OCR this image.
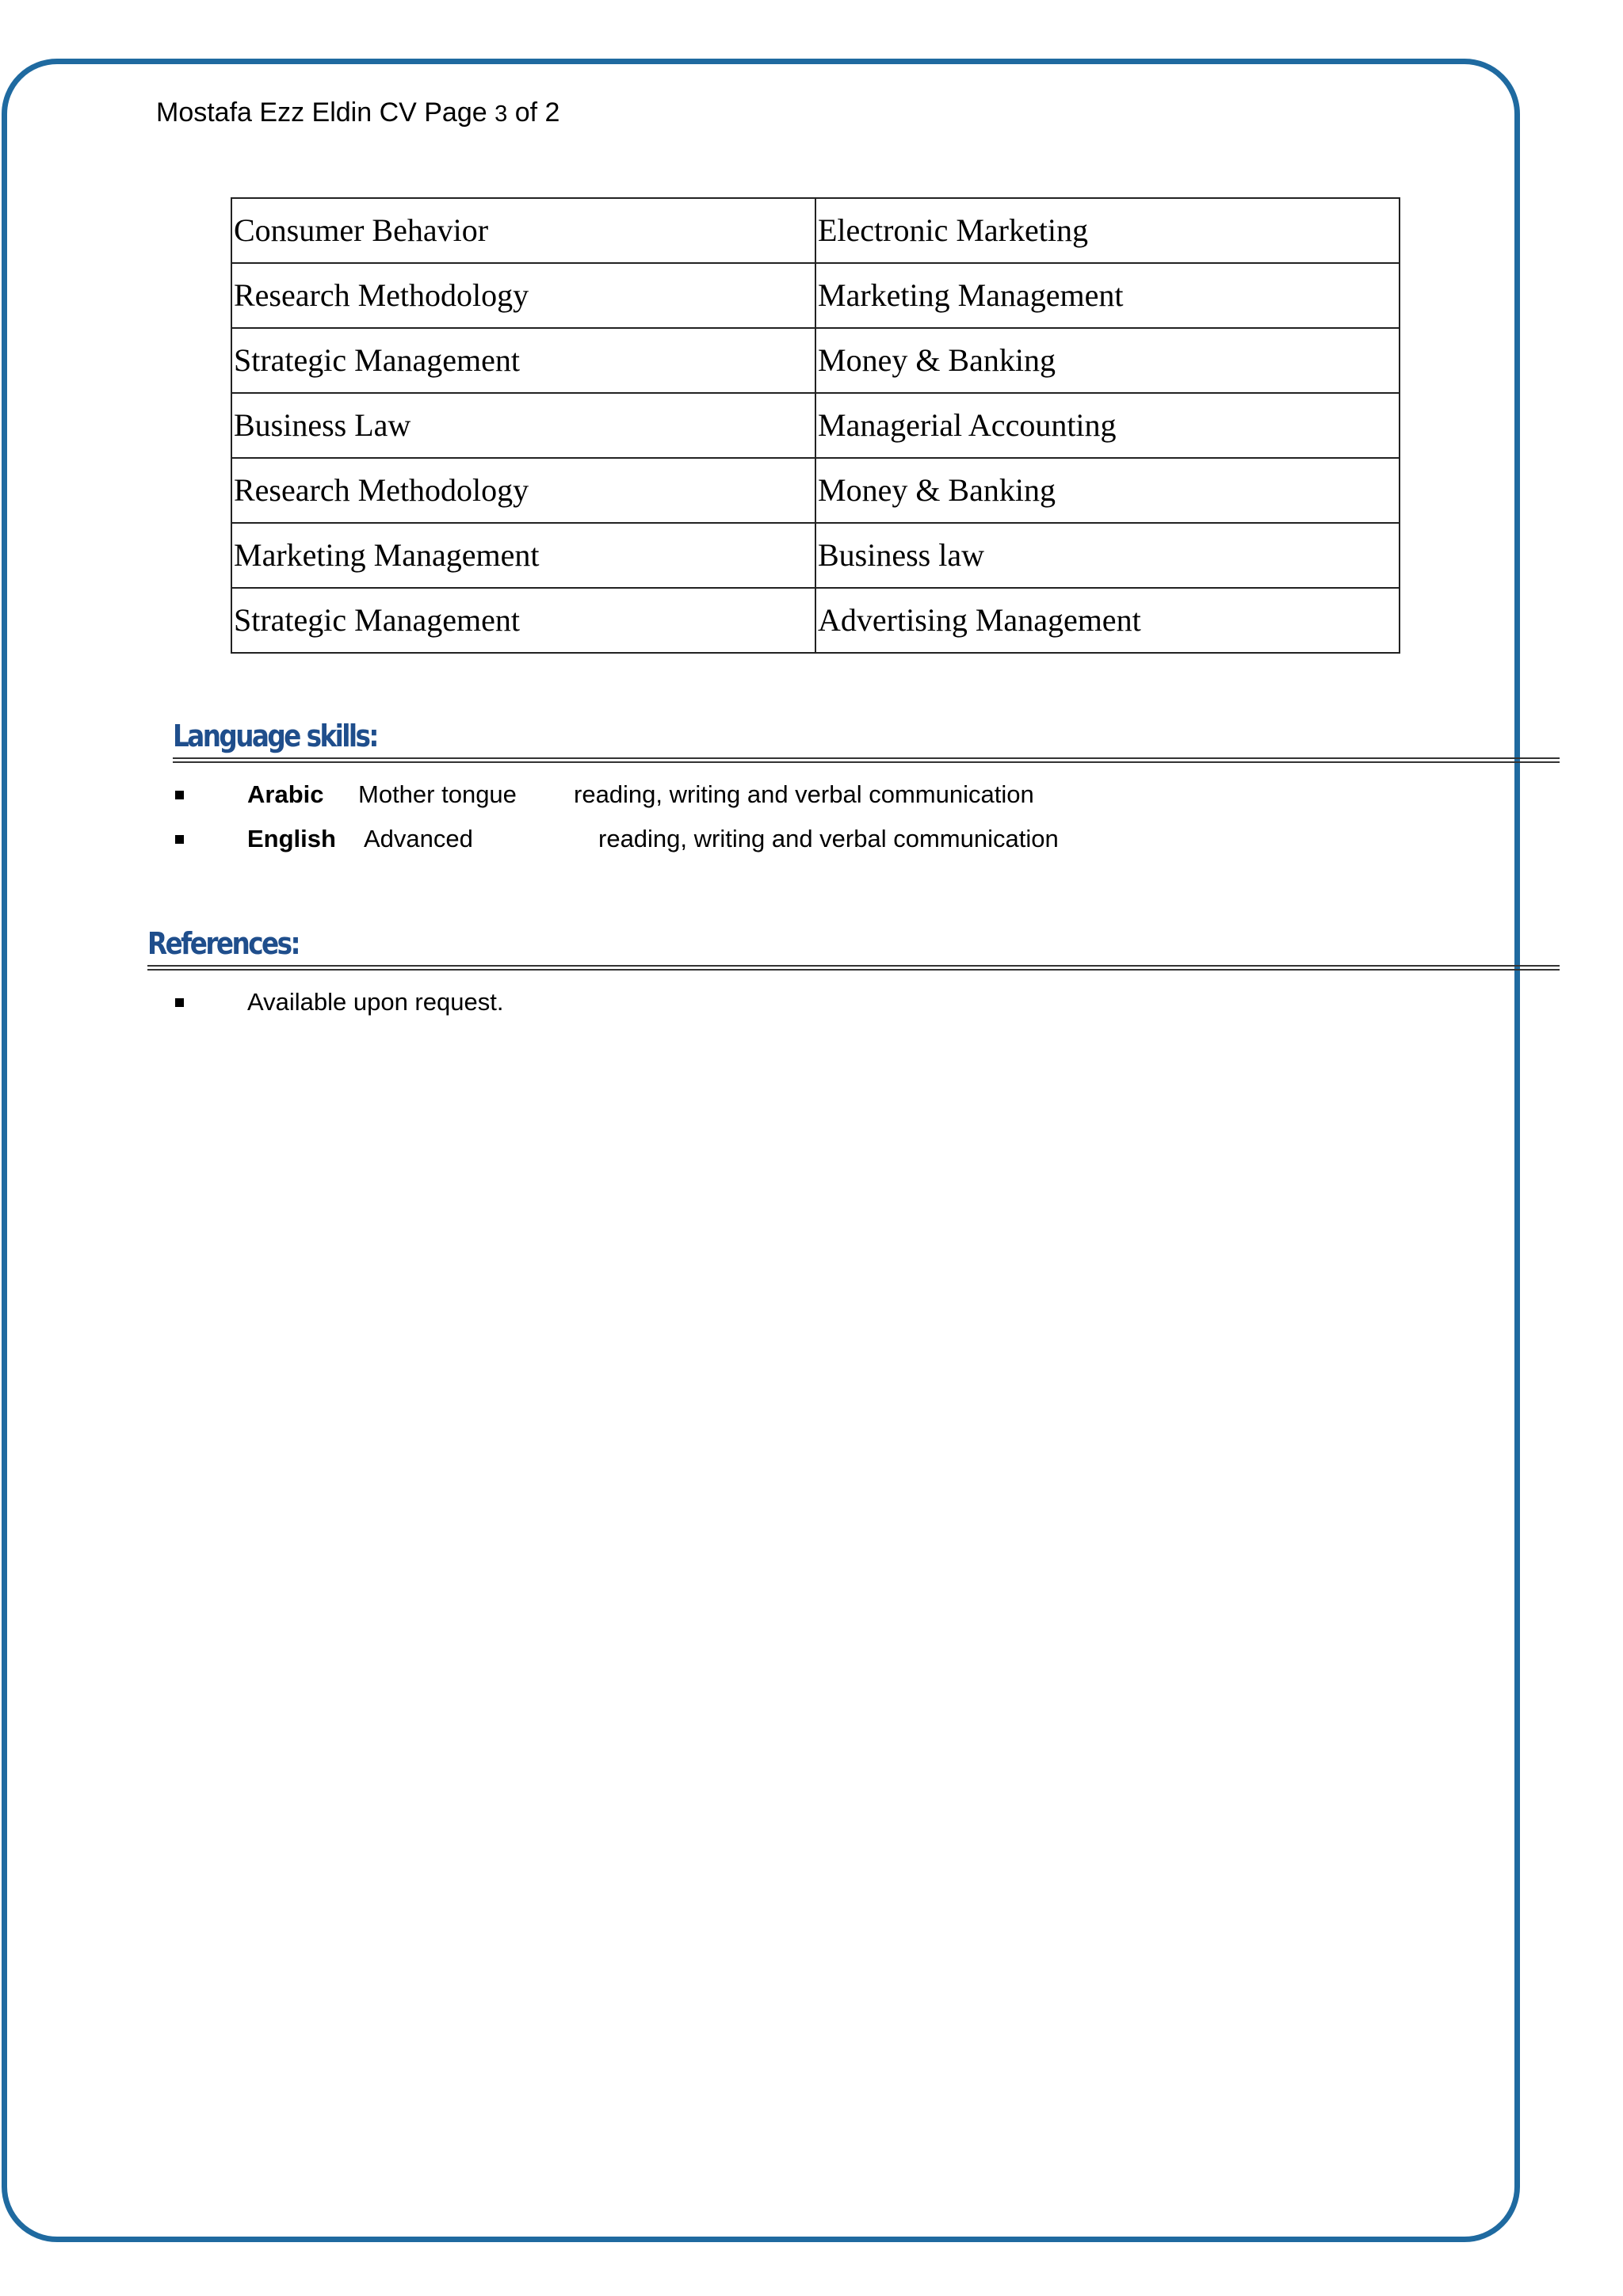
Mostafa Ezz Eldin CV Page 3 of 2
Consumer Behavior	Electronic Marketing
Research Methodology	Marketing Management
Strategic Management	Money & Banking
Business Law	Managerial Accounting
Research Methodology	Money & Banking
Marketing Management	Business law
Strategic Management	Advertising Management
Language skills:
Arabic Mother tongue reading, writing and verbal communication
English Advanced	reading, writing and verbal communication
References:
Available upon request.
